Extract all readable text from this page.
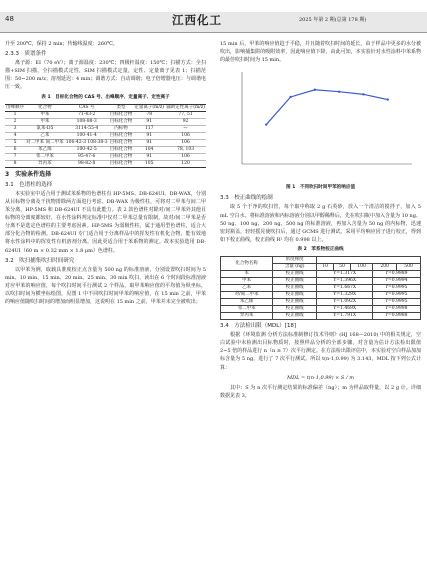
48	江西化工	2025 年第 2 期(总第 178 期)

升至 200℃，保持 2 min；传输线温度：260℃。

2.3.3　质谱条件

离子源：EI（70 eV）；离子源温度：230℃；四极杆温度：150℃；扫描方式：全扫描+SIM 扫描，全扫描模式定性，SIM 扫描模式定量，定性、定量离子见表 1；扫描范围：50~200 m/z；溶剂延迟：4 min；调谐方式：自动调谐；电子倍增器电压：与调谐电压一致。

表 1　目标化合物的 CAS 号、出峰顺序、定量离子、定性离子
出峰顺序	化合物	CAS 号	类型	定量离子(m/z)	辅助定性离子(m/z)
1	甲苯	71-43-2	目标化合物	78	77, 51
2	甲苯	108-88-3	目标化合物	91	92
3	氯苯-D5	3114-55-4	内标物	117	—
4	乙苯	100-41-4	目标化合物	91	106
5	对二甲苯 间二甲苯	106-42-3 108-38-3	目标化合物	91	106
6	苯乙烯	100-42-5	目标化合物	104	78, 103
7	邻二甲苯	95-47-6	目标化合物	91	106
8	异丙苯	98-82-8	目标化合物	105	120
3　实验条件选择
3.1　色谱柱的选择

本实验室中适合用于测试苯系物的色谱柱有 HP-5MS、DB-624UI、DB-WAX，分别从目标物分离及干扰物排除两方面进行考虑。DB-WAX 为极性柱，可将对二甲苯与间二甲苯分离，HP-5MS 和 DB-624UI 不具有此能力。表 2 款色谱柱对除对/间二甲苯外其他目标物的分离度都较好，在水性涂料判定标准中仅对二甲苯总量有限制，故对/间二甲苯是否分离不是选定色谱柱的主要考虑因素。HP-5MS 为弱极性柱，属于通用型色谱柱，适合大部分化合物的检测。DB-624UI 专门适合用于分离样品中的挥发性有机化合物，能有效地将水性涂料中的挥发性有机溶剂分离，因此更适合用于苯系物的测定。故本实验选用 DB-624UI（60 m × 0.32 mm × 1.8 μm）色谱柱。

3.2　吹扫捕集吹扫时间研究

以甲苯为例，取载具准度校正点含量为 500 ng 的标准溶液，分别设置吹扫时间为 5 min、10 min、15 min、20 min、25 min、30 min 吹扫，读出在 6 个时间段标准溶液对应甲苯的响应值，每个吹扫时间平行测试 2 个样品，取甲苯响应值的平均值为纵坐标，以吹扫时间为横坐标绘图，见图 1 中不同吹扫时间甲苯的响应值，在 15 min 之前，甲苯的响应值随吹扫时间的增加而明显增加，这说明在 15 min 之前，甲苯并未完全被吹出；

15 min 后，甲苯的响应值趋于平稳，并且随着吹扫时间的延长，由于样品中更多的水分被吹出，影响捕集阱的吸附效率，因此响应值下降，由此可知，本实验针对水性涂料中苯系物的最佳吹扫时间为 15 min。

图 1　不同吹扫时间甲苯的响应值
3.3　校正曲线的绘制

取 5 个于净的吹扫管，每个取中称取 2 g 石英砂，放入一个清洁的搅拌子，加入 5 mL 空白水，将标准溶液和内标溶液分别以甲醇稀释后，先在吹扫瓶中加入含量为 10 ng、50 ng、100 ng、200 ng、500 ng 的标准溶液，再加入含量为 50 ng 的内标物，迅速密封瓶盖，轻轻摇晃使吹扫后，通过 GCMS 进行测试，采用平均响应因子进行校正，得到如下校正曲线，校正曲线 R² 均在 0.998 以上。

表 2　苯系物校正曲线
化合物名称	浓度梯度					
	含量 (ng)	10	50	100	200	500
苯	校正曲线	Y=1.317X			r=0.9989	
甲苯	校正曲线	Y=1.396X			r=0.9994	
乙苯	校正曲线	Y=1.667X			r=0.9995	
对/间二甲苯	校正曲线	Y=1.329X			r=0.9995	
苯乙烯	校正曲线	Y=1.092X			r=0.9995	
邻二甲苯	校正曲线	Y=1.469X			r=0.9998	
异丙苯	校正曲线	Y=1.791X			r=0.9988	
3.4　方法检出限（MDL）[18]

根据《环境监测 分析方法标准制修订技术导则》(HJ 168—2010) 中的相关规定，空白试验中未检测出目标物质时，按照样品分析的全部步骤，对含量为估计方法检出限值 2~5 倍的样品进行 n（n ≥ 7）次平行测定。在方法检出限评估中，本实验对空白样品加加标含量为 5 ng，进行了 7 次平行测试。所以 t(n-1,0.99) 为 3.143，MDL 按下列公式计算：

MDL = t(n-1,0.99) × S / m

其中：S 为 n 次平行测定结果的标准偏差（ng）；m 为样品取样量，以 2 g 计。详细数据见表 3。
